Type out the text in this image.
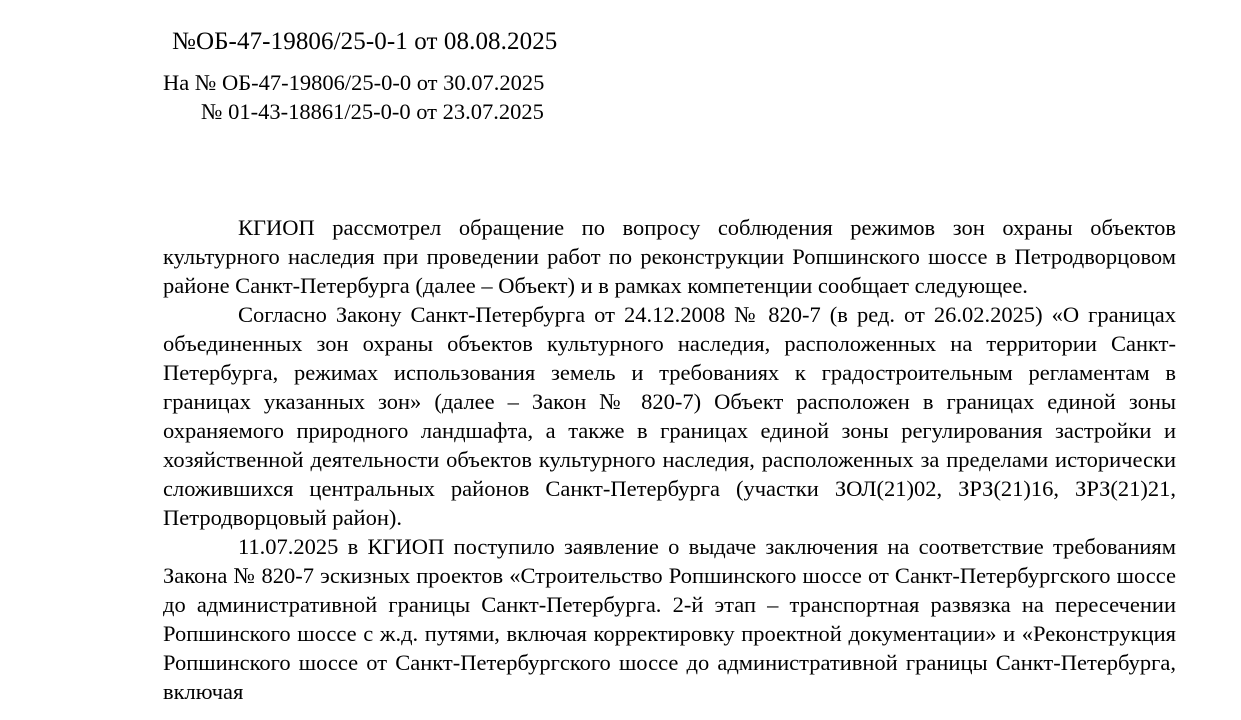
№ОБ-47-19806/25-0-1 от 08.08.2025
На № ОБ-47-19806/25-0-0 от 30.07.2025
№ 01-43-18861/25-0-0 от 23.07.2025

КГИОП рассмотрел обращение по вопросу соблюдения режимов зон охраны объектов культурного наследия при проведении работ по реконструкции Ропшинского шоссе в Петродворцовом районе Санкт-Петербурга (далее – Объект) и в рамках компетенции сообщает следующее.

Согласно Закону Санкт-Петербурга от 24.12.2008 № 820-7 (в ред. от 26.02.2025) «О границах объединенных зон охраны объектов культурного наследия, расположенных на территории Санкт-Петербурга, режимах использования земель и требованиях к градостроительным регламентам в границах указанных зон» (далее – Закон № 820-7) Объект расположен в границах единой зоны охраняемого природного ландшафта, а также в границах единой зоны регулирования застройки и хозяйственной деятельности объектов культурного наследия, расположенных за пределами исторически сложившихся центральных районов Санкт-Петербурга (участки ЗОЛ(21)02, ЗРЗ(21)16, ЗРЗ(21)21, Петродворцовый район).

11.07.2025 в КГИОП поступило заявление о выдаче заключения на соответствие требованиям Закона № 820-7 эскизных проектов «Строительство Ропшинского шоссе от Санкт-Петербургского шоссе до административной границы Санкт-Петербурга. 2-й этап – транспортная развязка на пересечении Ропшинского шоссе с ж.д. путями, включая корректировку проектной документации» и «Реконструкция Ропшинского шоссе от Санкт-Петербургского шоссе до административной границы Санкт-Петербурга, включая
